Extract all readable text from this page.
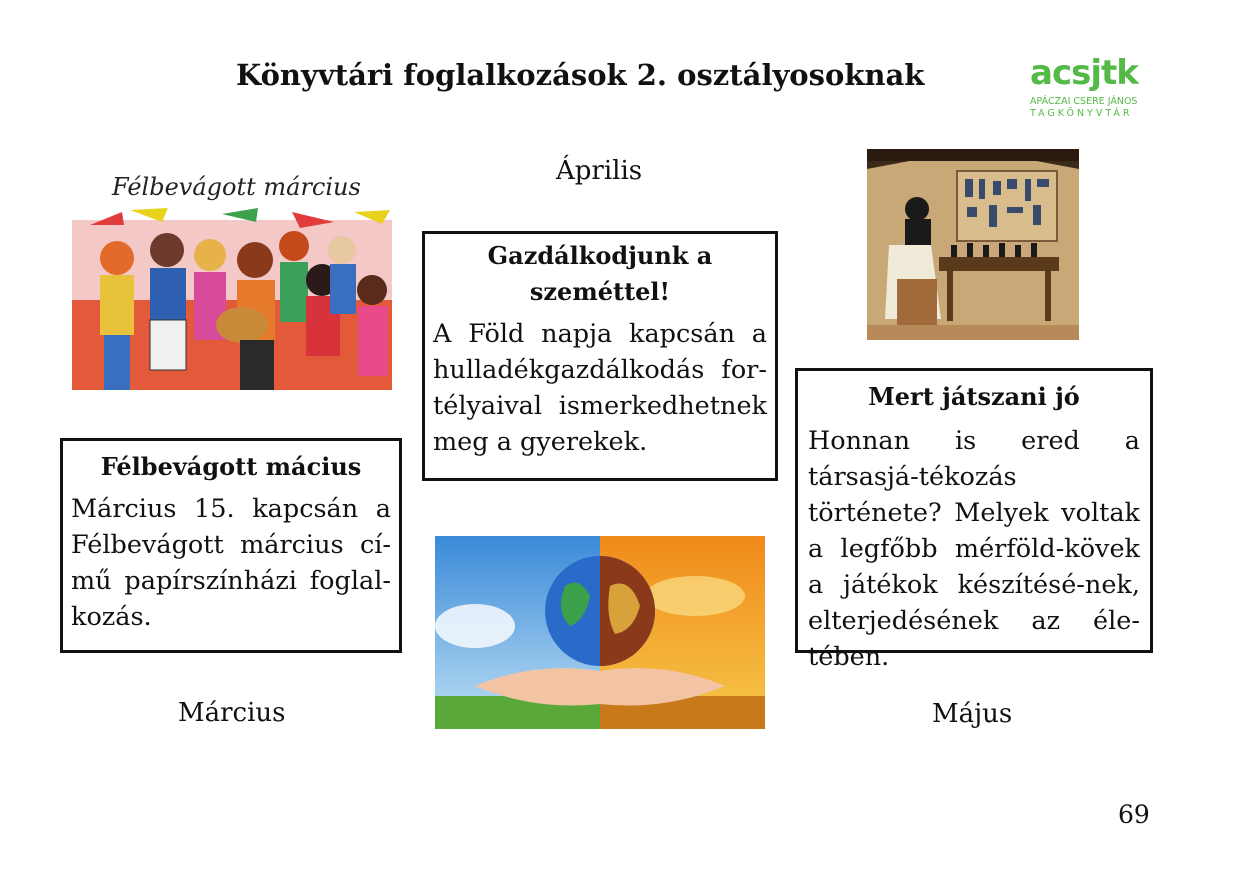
Könyvtári foglalkozások 2. osztályosoknak	acsjtk
APÁCZAI CSERE JÁNOS
TAGKÖNYVTÁR
Félbevágott március
Április
Gazdálkodjunk a szeméttel!

A Föld napja kapcsán a hulladékgazdálkodás for-télyaival ismerkedhetnek meg a gyerekek.

Mert játszani jó

Honnan is ered a társasjá-tékozás története? Melyek voltak a legfőbb mérföld-kövek a játékok készítésé-nek, elterjedésének az éle-tében.

Félbevágott mácius

Március 15. kapcsán a Félbevágott március cí-mű papírszínházi foglal-kozás.

Március	Május
69
